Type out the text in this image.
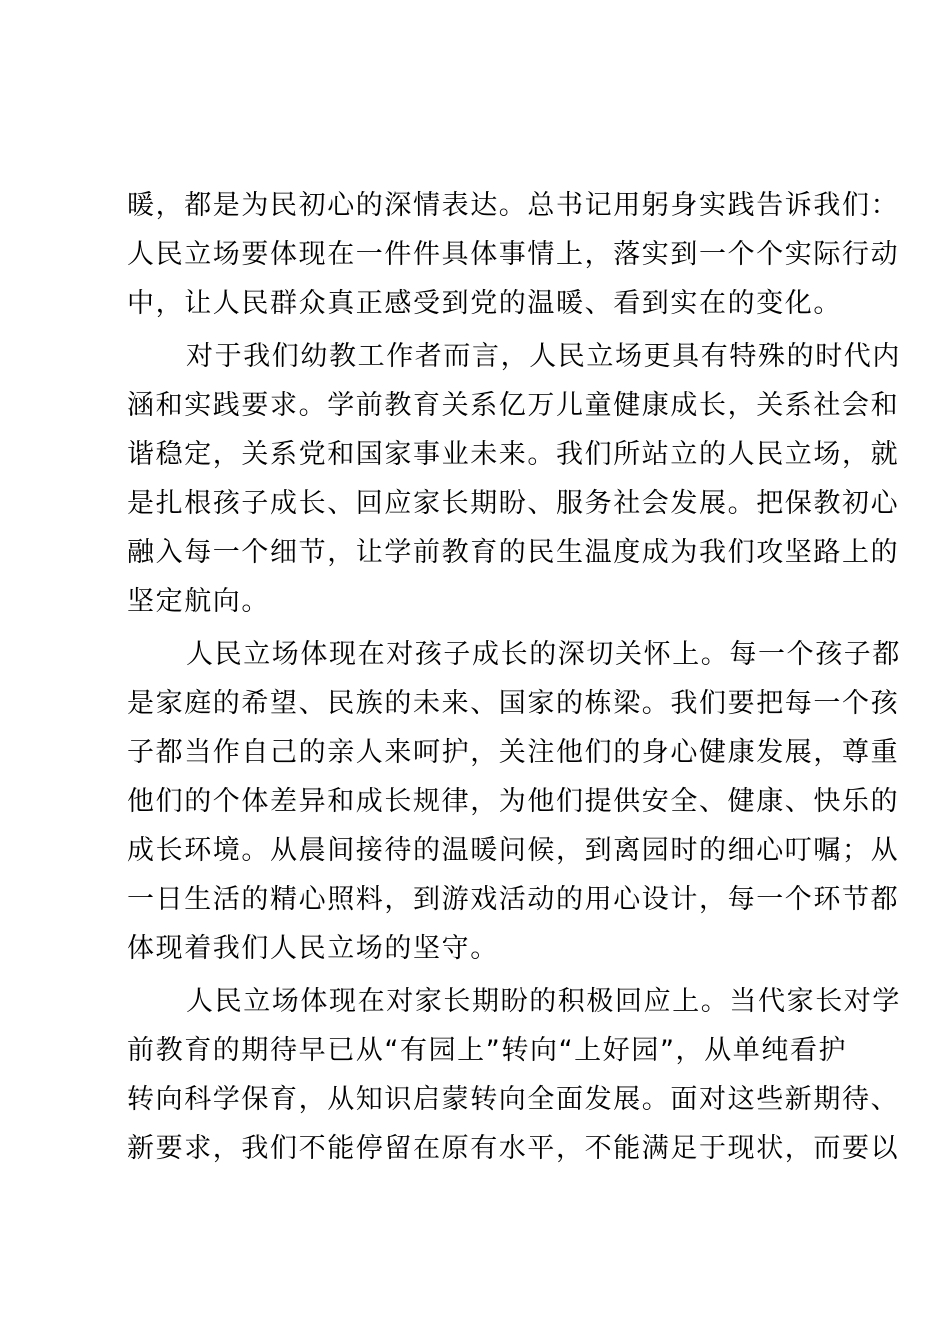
暖，都是为民初心的深情表达。总书记用躬身实践告诉我们：
人民立场要体现在一件件具体事情上，落实到一个个实际行动
中，让人民群众真正感受到党的温暖、看到实在的变化。
对于我们幼教工作者而言，人民立场更具有特殊的时代内
涵和实践要求。学前教育关系亿万儿童健康成长，关系社会和
谐稳定，关系党和国家事业未来。我们所站立的人民立场，就
是扎根孩子成长、回应家长期盼、服务社会发展。把保教初心
融入每一个细节，让学前教育的民生温度成为我们攻坚路上的
坚定航向。
人民立场体现在对孩子成长的深切关怀上。每一个孩子都
是家庭的希望、民族的未来、国家的栋梁。我们要把每一个孩
子都当作自己的亲人来呵护，关注他们的身心健康发展，尊重
他们的个体差异和成长规律，为他们提供安全、健康、快乐的
成长环境。从晨间接待的温暖问候，到离园时的细心叮嘱；从
一日生活的精心照料，到游戏活动的用心设计，每一个环节都
体现着我们人民立场的坚守。
人民立场体现在对家长期盼的积极回应上。当代家长对学
前教育的期待早已从“有园上”转向“上好园”，从单纯看护
转向科学保育，从知识启蒙转向全面发展。面对这些新期待、
新要求，我们不能停留在原有水平，不能满足于现状，而要以
